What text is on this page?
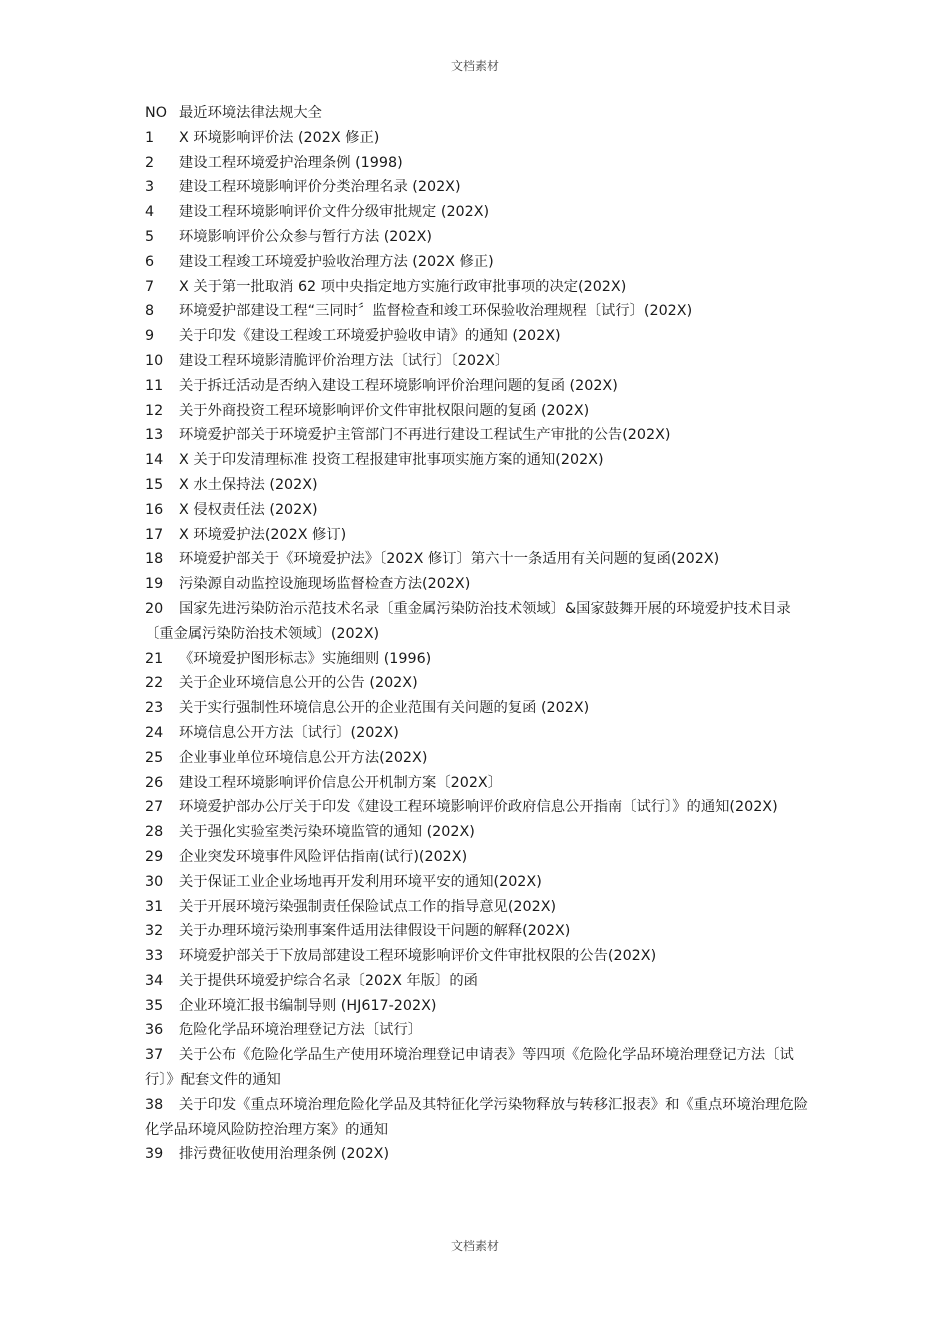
文档素材
NO 最近环境法律法规大全
1 X 环境影响评价法 (202X 修正)
2 建设工程环境爱护治理条例 (1998)
3 建设工程环境影响评价分类治理名录 (202X)
4 建设工程环境影响评价文件分级审批规定 (202X)
5 环境影响评价公众参与暂行方法 (202X)
6 建设工程竣工环境爱护验收治理方法 (202X 修正)
7 X 关于第一批取消 62 项中央指定地方实施行政审批事项的决定(202X)
8 环境爱护部建设工程“三同时〞监督检查和竣工环保验收治理规程〔试行〕(202X)
9 关于印发《建设工程竣工环境爱护验收申请》的通知 (202X)
10 建设工程环境影清脆评价治理方法〔试行〕〔202X〕
11 关于拆迁活动是否纳入建设工程环境影响评价治理问题的复函 (202X)
12 关于外商投资工程环境影响评价文件审批权限问题的复函 (202X)
13 环境爱护部关于环境爱护主管部门不再进行建设工程试生产审批的公告(202X)
14 X 关于印发清理标准 投资工程报建审批事项实施方案的通知(202X)
15 X 水土保持法 (202X)
16 X 侵权责任法 (202X)
17 X 环境爱护法(202X 修订)
18 环境爱护部关于《环境爱护法》〔202X 修订〕第六十一条适用有关问题的复函(202X)
19 污染源自动监控设施现场监督检查方法(202X)
20 国家先进污染防治示范技术名录〔重金属污染防治技术领域〕&国家鼓舞开展的环境爱护技术目录〔重金属污染防治技术领域〕(202X)
21 《环境爱护图形标志》实施细则 (1996)
22 关于企业环境信息公开的公告 (202X)
23 关于实行强制性环境信息公开的企业范围有关问题的复函 (202X)
24 环境信息公开方法〔试行〕(202X)
25 企业事业单位环境信息公开方法(202X)
26 建设工程环境影响评价信息公开机制方案〔202X〕
27 环境爱护部办公厅关于印发《建设工程环境影响评价政府信息公开指南〔试行〕》的通知(202X)
28 关于强化实验室类污染环境监管的通知 (202X)
29 企业突发环境事件风险评估指南(试行)(202X)
30 关于保证工业企业场地再开发利用环境平安的通知(202X)
31 关于开展环境污染强制责任保险试点工作的指导意见(202X)
32 关于办理环境污染刑事案件适用法律假设干问题的解释(202X)
33 环境爱护部关于下放局部建设工程环境影响评价文件审批权限的公告(202X)
34 关于提供环境爱护综合名录〔202X 年版〕的函
35 企业环境汇报书编制导则 (HJ617-202X)
36 危险化学品环境治理登记方法〔试行〕
37 关于公布《危险化学品生产使用环境治理登记申请表》等四项《危险化学品环境治理登记方法〔试行〕》配套文件的通知
38 关于印发《重点环境治理危险化学品及其特征化学污染物释放与转移汇报表》和《重点环境治理危险化学品环境风险防控治理方案》的通知
39 排污费征收使用治理条例 (202X)
文档素材
